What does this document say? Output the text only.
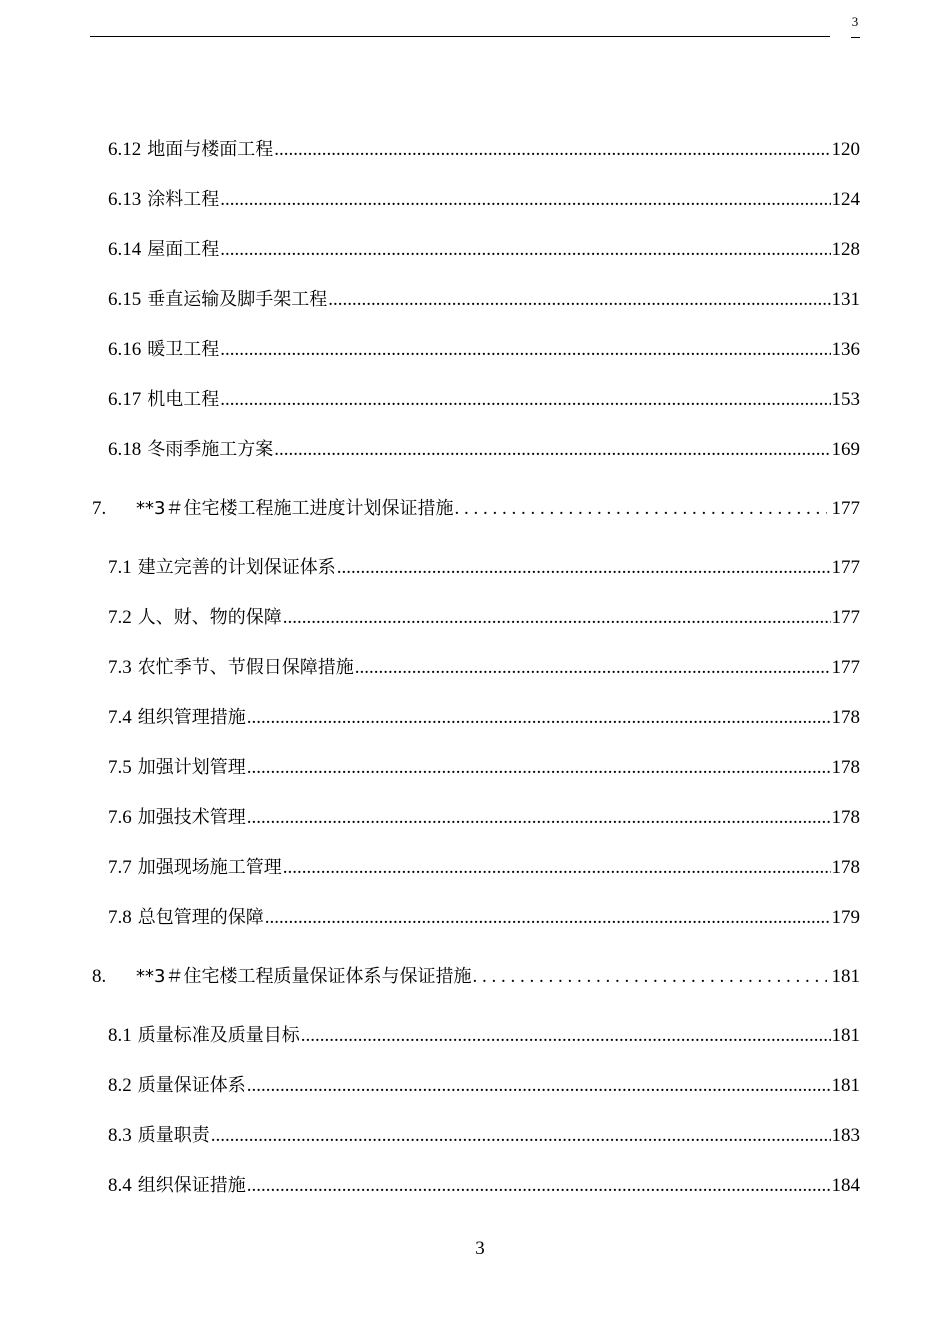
3
6.12 地面与楼面工程 .....	120
6.13 涂料工程 .....	124
6.14 屋面工程 .....	128
6.15 垂直运输及脚手架工程 .....	131
6.16 暖卫工程 .....	136
6.17 机电工程 .....	153
6.18 冬雨季施工方案 .....	169
7.	**3＃住宅楼工程施工进度计划保证措施 . . .	177
7.1 建立完善的计划保证体系 .....	177
7.2 人、财、物的保障 .....	177
7.3 农忙季节、节假日保障措施 .....	177
7.4 组织管理措施 .....	178
7.5 加强计划管理 .....	178
7.6 加强技术管理 .....	178
7.7 加强现场施工管理 .....	178
7.8 总包管理的保障 .....	179
8.	**3＃住宅楼工程质量保证体系与保证措施 . . .	181
8.1 质量标准及质量目标 .....	181
8.2 质量保证体系 .....	181
8.3 质量职责 .....	183
8.4 组织保证措施 .....	184
3
